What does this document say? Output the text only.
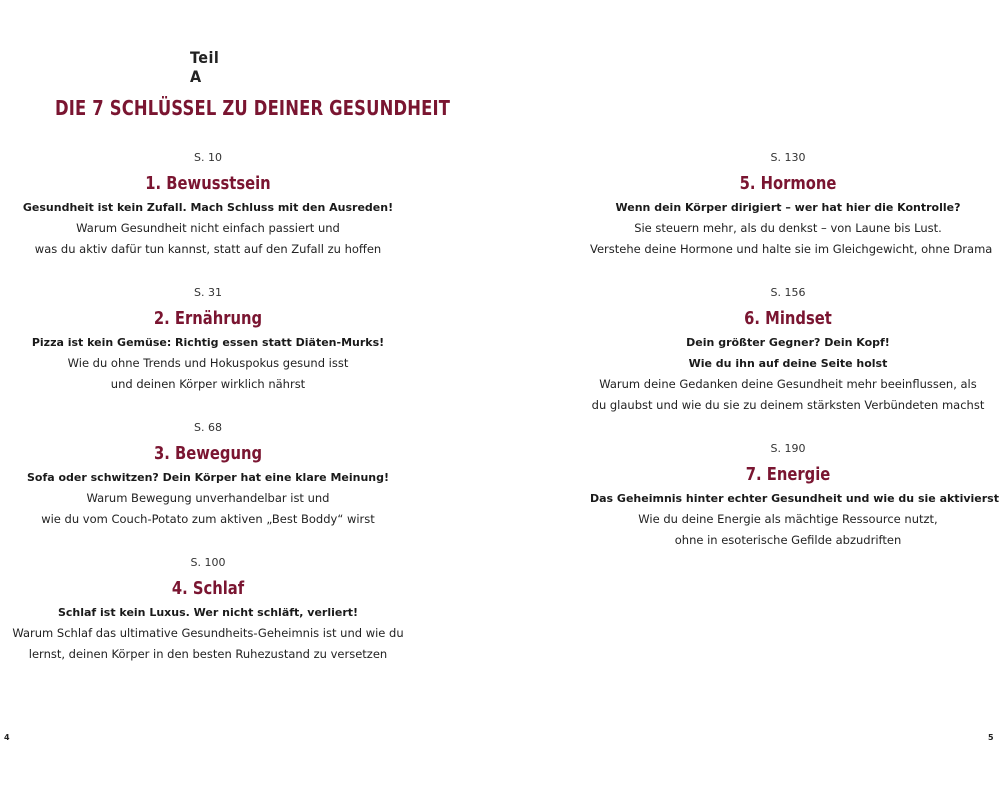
Teil A
DIE 7 SCHLÜSSEL ZU DEINER GESUNDHEIT
S. 10
1. Bewusstsein
Gesundheit ist kein Zufall. Mach Schluss mit den Ausreden!
Warum Gesundheit nicht einfach passiert und
was du aktiv dafür tun kannst, statt auf den Zufall zu hoffen
S. 31
2. Ernährung
Pizza ist kein Gemüse: Richtig essen statt Diäten-Murks!
Wie du ohne Trends und Hokuspokus gesund isst
und deinen Körper wirklich nährst
S. 68
3. Bewegung
Sofa oder schwitzen? Dein Körper hat eine klare Meinung!
Warum Bewegung unverhandelbar ist und
wie du vom Couch-Potato zum aktiven „Best Boddy“ wirst
S. 100
4. Schlaf
Schlaf ist kein Luxus. Wer nicht schläft, verliert!
Warum Schlaf das ultimative Gesundheits-Geheimnis ist und wie du
lernst, deinen Körper in den besten Ruhezustand zu versetzen
S. 130
5. Hormone
Wenn dein Körper dirigiert – wer hat hier die Kontrolle?
Sie steuern mehr, als du denkst – von Laune bis Lust.
Verstehe deine Hormone und halte sie im Gleichgewicht, ohne Drama
S. 156
6. Mindset
Dein größter Gegner? Dein Kopf!
Wie du ihn auf deine Seite holst
Warum deine Gedanken deine Gesundheit mehr beeinflussen, als
du glaubst und wie du sie zu deinem stärksten Verbündeten machst
S. 190
7. Energie
Das Geheimnis hinter echter Gesundheit und wie du sie aktivierst
Wie du deine Energie als mächtige Ressource nutzt,
ohne in esoterische Gefilde abzudriften
4	5
